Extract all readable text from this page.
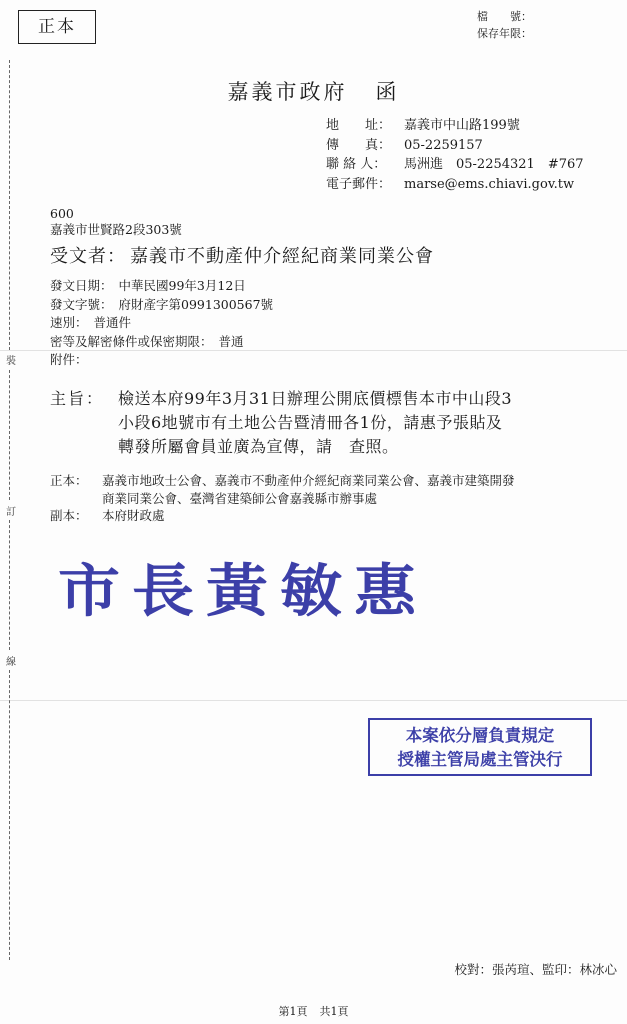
裝
訂
線
正本
檔　　號：
保存年限：
嘉義市政府 函
地　　址： 嘉義市中山路199號
傳　　真： 05-2259157
聯 絡 人：	馬洲進　05-2254321　#767
電子郵件： marse@ems.chiavi.gov.tw
600
嘉義市世賢路2段303號
受文者： 嘉義市不動產仲介經紀商業同業公會
發文日期： 中華民國99年3月12日
發文字號： 府財產字第0991300567號
速別： 普通件
密等及解密條件或保密期限： 普通
附件：
主旨： 檢送本府99年3月31日辦理公開底價標售本市中山段3
小段6地號市有土地公告暨清冊各1份，請惠予張貼及
轉發所屬會員並廣為宣傳，請　查照。
正本： 嘉義市地政士公會、嘉義市不動產仲介經紀商業同業公會、嘉義市建築開發
商業同業公會、臺灣省建築師公會嘉義縣市辦事處
副本： 本府財政處
市長黃敏惠
本案依分層負責規定
授權主管局處主管決行
校對：張芮瑄、監印：林冰心
第1頁 共1頁
